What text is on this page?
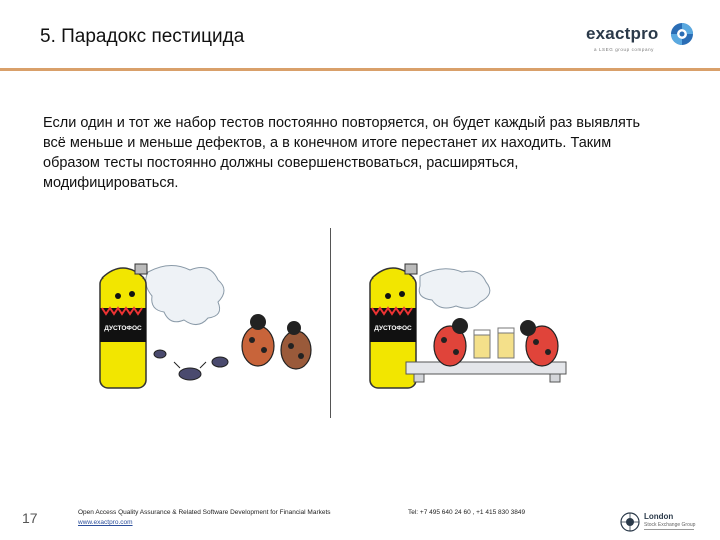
5. Парадокс пестицида	exactpro
a LSEG group company
Если один и тот же набор тестов постоянно повторяется, он будет каждый раз выявлять всё меньше и меньше дефектов, а в конечном итоге перестанет их находить. Таким образом тесты постоянно должны совершенствоваться, расширяться, модифицироваться.
ДУСТОФОС	ДУСТОФОС
17	Open Access Quality Assurance & Related Software Development for Financial Markets
www.exactpro.com
Tel: +7 495 640 24 60 , +1 415 830 3849	London
Stock Exchange Group
